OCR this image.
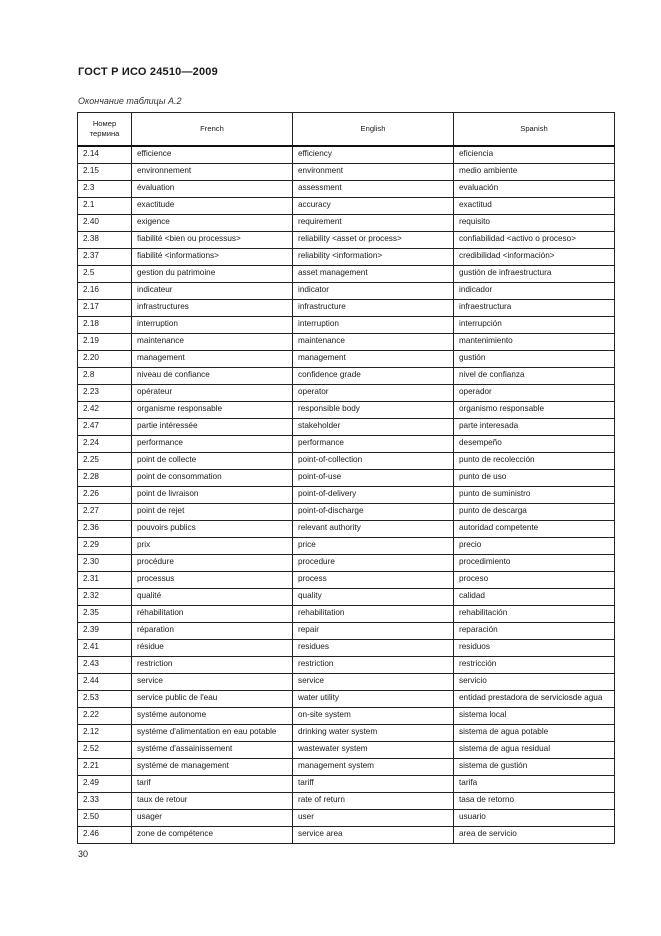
ГОСТ Р ИСО 24510—2009
Окончание таблицы А.2
Номер термина	French	English	Spanish
2.14	efficience	efficiency	eficiencia
2.15	environnement	environment	medio ambiente
2.3	évaluation	assessment	evaluación
2.1	exactitude	accuracy	exactitud
2.40	exigence	requirement	requisito
2.38	fiabilité <bien ou processus>	reliability <asset or process>	confiabilidad <activo o proceso>
2.37	fiabilité <informations>	reliability <information>	credibilidad <información>
2.5	gestion du patrimoine	asset management	gustión de infraestructura
2.16	indicateur	indicator	indicador
2.17	infrastructures	infrastructure	infraestructura
2.18	interruption	interruption	interrupción
2.19	maintenance	maintenance	mantenimiento
2.20	management	management	gustión
2.8	niveau de confiance	confidence grade	nivel de confianza
2.23	opérateur	operator	operador
2.42	organisme responsable	responsible body	organismo responsable
2.47	partie intéressée	stakeholder	parte interesada
2.24	performance	performance	desempeño
2.25	point de collecte	point-of-collection	punto de recolección
2.28	point de consommation	point-of-use	punto de uso
2.26	point de livraison	point-of-delivery	punto de suministro
2.27	point de rejet	point-of-discharge	punto de descarga
2.36	pouvoirs publics	relevant authority	autoridad competente
2.29	prix	price	precio
2.30	procédure	procedure	procedimiento
2.31	processus	process	proceso
2.32	qualité	quality	calidad
2.35	réhabilitation	rehabilitation	rehabilitación
2.39	réparation	repair	reparación
2.41	résidue	residues	residuos
2.43	restriction	restriction	restricción
2.44	service	service	servicio
2.53	service public de l'eau	water utility	entidad prestadora de serviciosde agua
2.22	systéme autonome	on-site system	sistema local
2.12	systéme d'alimentation en eau potable	drinking water system	sistema de agua potable
2.52	systéme d'assainissement	wastewater system	sistema de agua residual
2.21	systéme de management	management system	sistema de gustión
2.49	tarif	tariff	tarifa
2.33	taux de retour	rate of return	tasa de retorno
2.50	usager	user	usuario
2.46	zone de compétence	service area	area de servicio
30
